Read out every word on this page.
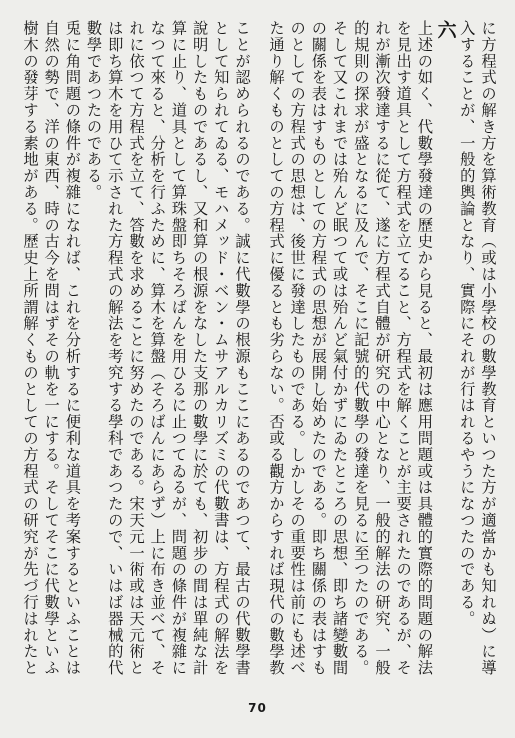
に方程式の解き方を算術教育（或は小學校の數學教育といつた方が適當かも知れぬ）に導入することが、一般的輿論となり、實際にそれが行はれるやうになつたのである。

六

上述の如く、代數學發達の歷史から見ると、最初は應用問題或は具體的實際的問題の解法を見出す道具として方程式を立てること、方程式を解くことが主要されたのであるが、それが漸次發達するに從て、遂に方程式自體が研究の中心となり、一般的解法の研究、一般的規則の探求が盛となるに及んで、そこに記號的代數學の發達を見るに至つたのである。そして又これまでは殆んど眠つて或は殆んど氣付かずにゐたところの思想、即ち諸變數間の關係を表はすものとしての方程式の思想が展開し始めたのである。即ち關係の表はすものとしての方程式の思想は、後世に發達したものである。しかしその重要性は前にも述べた通り解くものとしての方程式に優るとも劣らない。否或る觀方からすれば現代の數學教

ことが認められるのである。誠に代數學の根源もここにあるのであつて、最古の代數學書として知られてゐる、モハメッド・ベン・ムサアルカリズミの代數書は、方程式の解法を說明したものであるし、又和算の根源をなした支那の數學に於ても、初步の間は單純な計算に止り、道具として算珠盤即ちそろばんを用ひるに止つてゐるが、問題の條件が複雜になつて來ると、分析を行ふために、算木を算盤（そろばんにあらず）上に布き並べて、それに依つて方程式を立て、答數を求めることに努めたのである。宋天元一術或は天元術とは即ち算木を用ひて示された方程式の解法を考究する學科であつたので、いはば器械的代數學であつたのである。

兎に角問題の條件が複雜になれば、これを分析するに便利な道具を考案するといふことは自然の勢で、洋の東西、時の古今を問はずその軌を一にする。そしてそこに代數學といふ樹木の發芽する素地がある。歷史上所謂解くものとしての方程式の研究が先づ行はれたと

70
